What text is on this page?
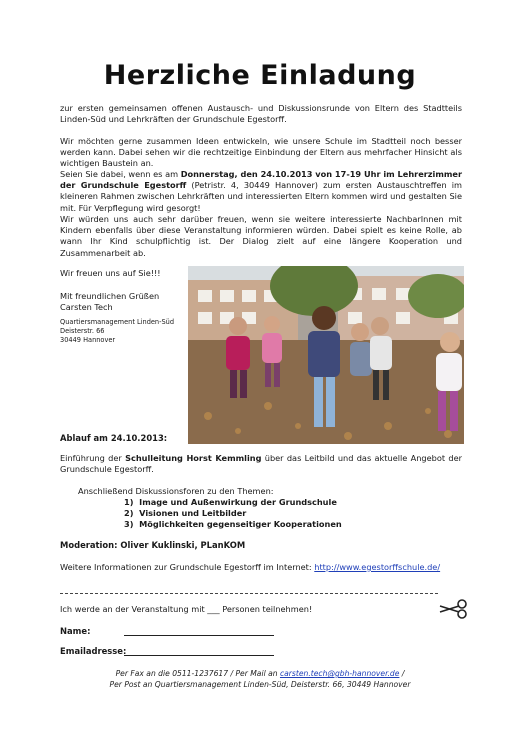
Herzliche Einladung

zur ersten gemeinsamen offenen Austausch- und Diskussionsrunde von Eltern des Stadtteils Linden-Süd und Lehrkräften der Grundschule Egestorff.

Wir möchten gerne zusammen Ideen entwickeln, wie unsere Schule im Stadtteil noch besser werden kann. Dabei sehen wir die rechtzeitige Einbindung der Eltern aus mehrfacher Hinsicht als wichtigen Baustein an.

Seien Sie dabei, wenn es am Donnerstag, den 24.10.2013 von 17-19 Uhr im Lehrerzimmer der Grundschule Egestorff (Petristr. 4, 30449 Hannover) zum ersten Austauschtreffen im kleineren Rahmen zwischen Lehrkräften und interessierten Eltern kommen wird und gestalten Sie mit. Für Verpflegung wird gesorgt!

Wir würden uns auch sehr darüber freuen, wenn sie weitere interessierte NachbarInnen mit Kindern ebenfalls über diese Veranstaltung informieren würden. Dabei spielt es keine Rolle, ab wann Ihr Kind schulpflichtig ist. Der Dialog zielt auf eine längere Kooperation und Zusammenarbeit ab.

Wir freuen uns auf Sie!!!
Mit freundlichen Grüßen
Carsten Tech
Quartiersmanagement Linden-Süd
Deisterstr. 66
30449 Hannover
Ablauf am 24.10.2013:

Einführung der Schulleitung Horst Kemmling über das Leitbild und das aktuelle Angebot der Grundschule Egestorff.

Anschließend Diskussionsforen zu den Themen:
1) Image und Außenwirkung der Grundschule
2) Visionen und Leitbilder
3) Möglichkeiten gegenseitiger Kooperationen
Moderation: Oliver Kuklinski, PLanKOM
Weitere Informationen zur Grundschule Egestorff im Internet: http://www.egestorffschule.de/
Ich werde an der Veranstaltung mit ___ Personen teilnehmen!
Name:
Emailadresse:
Per Fax an die 0511-1237617 / Per Mail an carsten.tech@gbh-hannover.de /
Per Post an Quartiersmanagement Linden-Süd, Deisterstr. 66, 30449 Hannover
